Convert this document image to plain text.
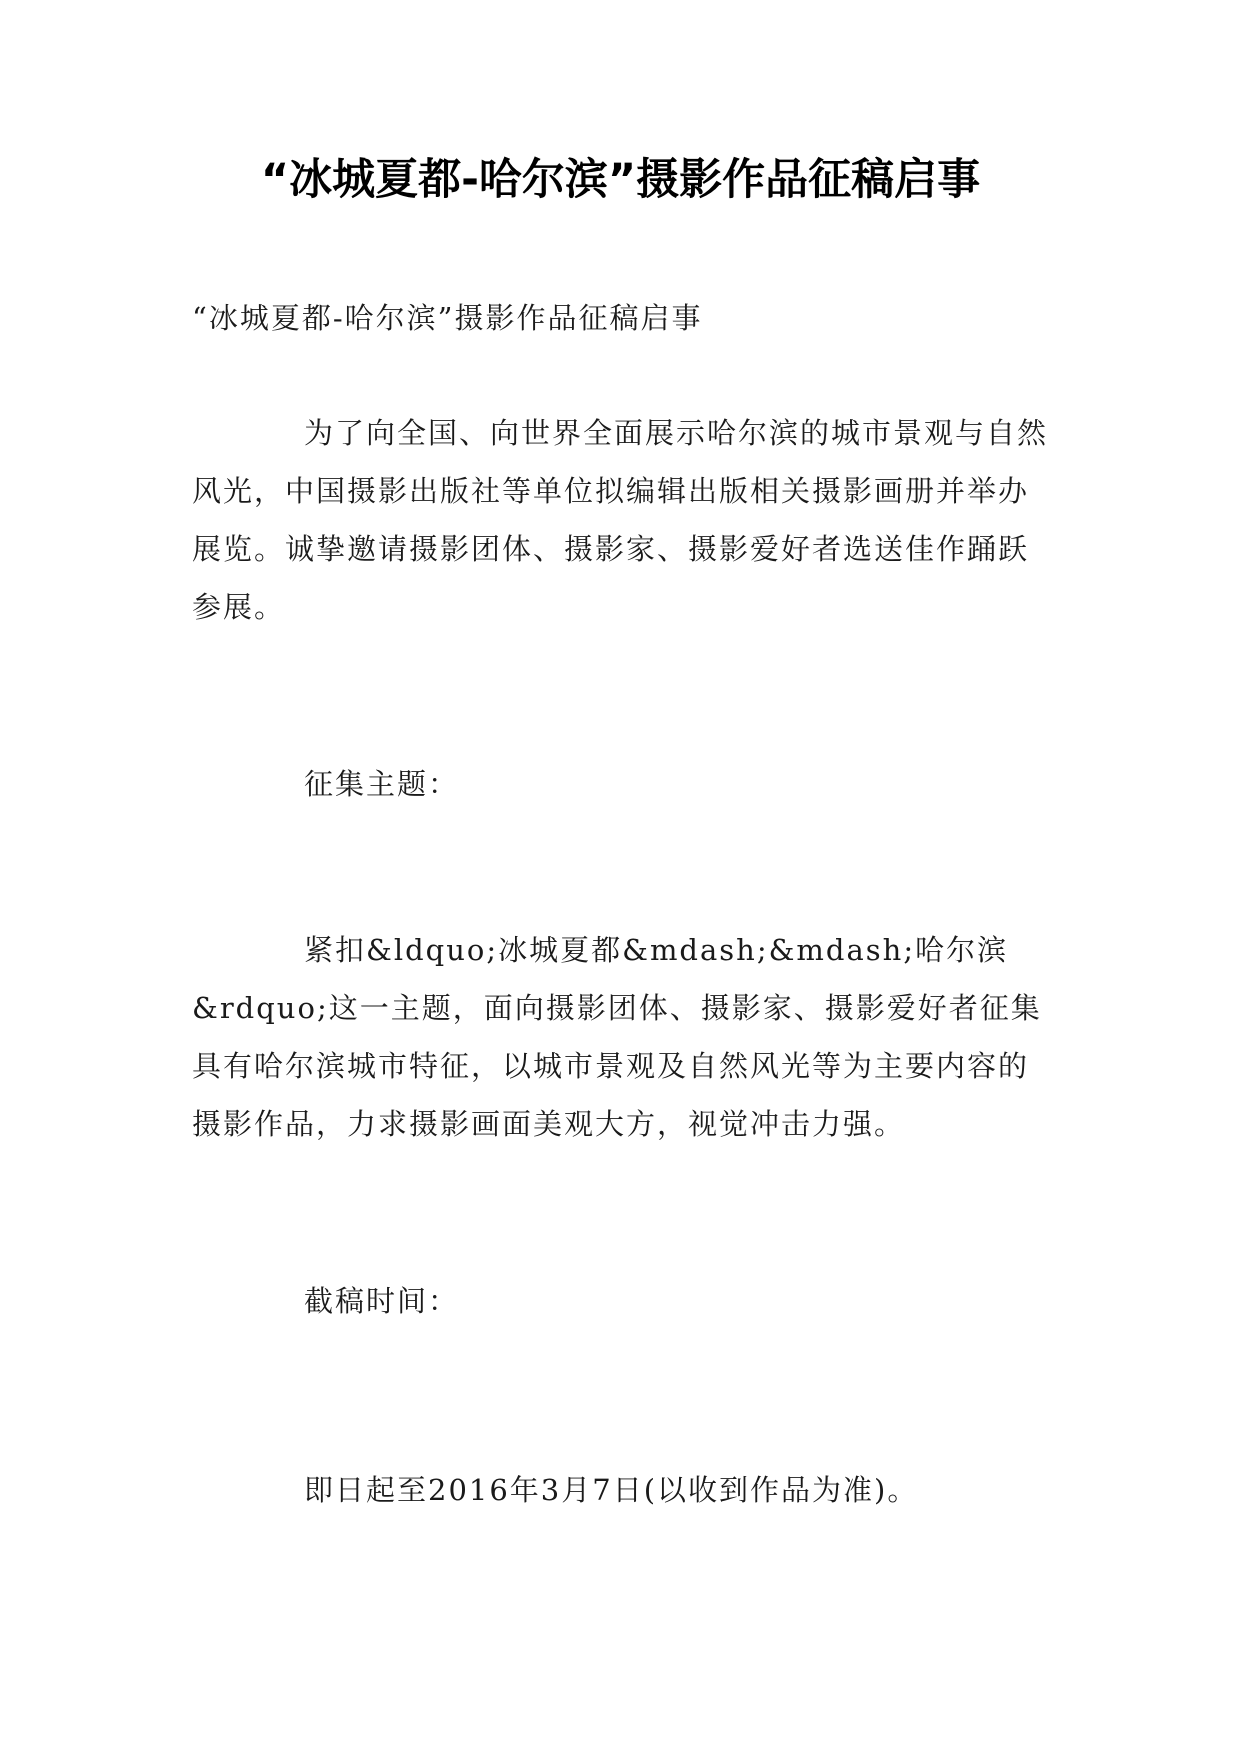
“冰城夏都-哈尔滨”摄影作品征稿启事

“冰城夏都-哈尔滨”摄影作品征稿启事

为了向全国、向世界全面展示哈尔滨的城市景观与自然风光，中国摄影出版社等单位拟编辑出版相关摄影画册并举办展览。诚挚邀请摄影团体、摄影家、摄影爱好者选送佳作踊跃参展。

征集主题：

紧扣&ldquo;冰城夏都&mdash;&mdash;哈尔滨&rdquo;这一主题，面向摄影团体、摄影家、摄影爱好者征集具有哈尔滨城市特征，以城市景观及自然风光等为主要内容的摄影作品，力求摄影画面美观大方，视觉冲击力强。

截稿时间：

即日起至2016年3月7日(以收到作品为准)。
